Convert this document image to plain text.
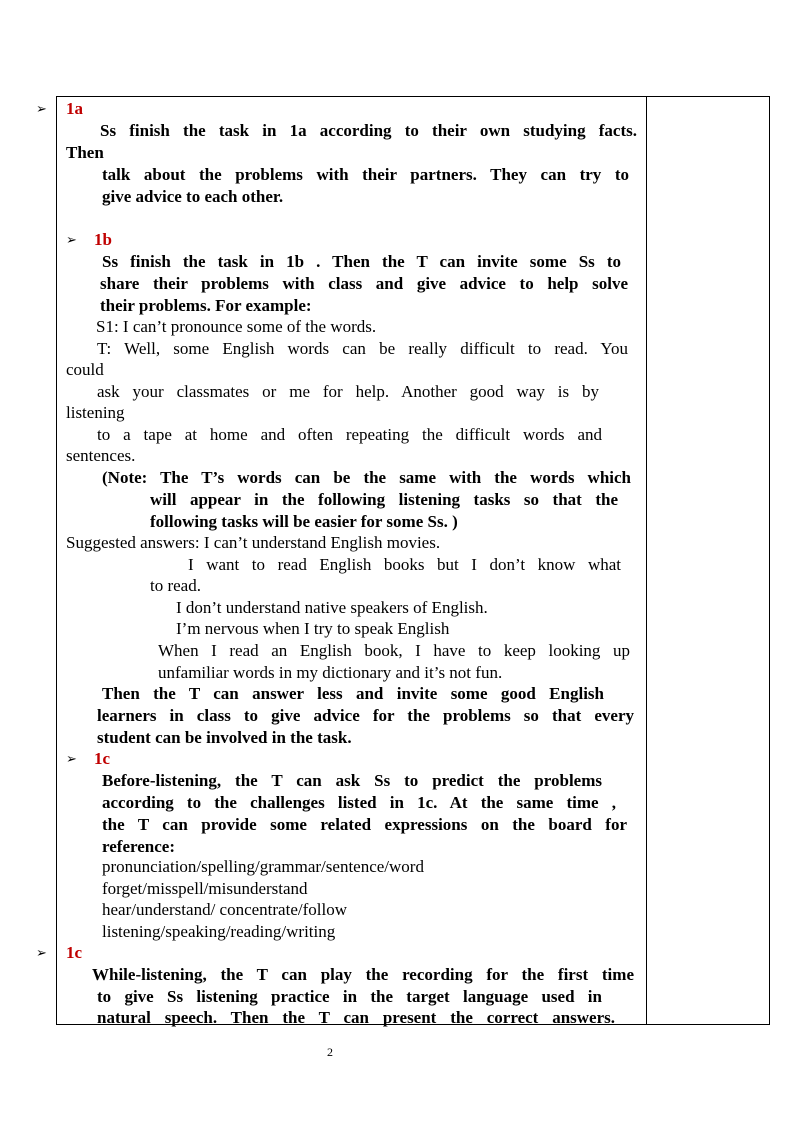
➢ 1a
Ss finish the task in 1a according to their own studying facts.
Then
talk about the problems with their partners. They can try to
give advice to each other.
➢ 1b
Ss finish the task in 1b . Then the T can invite some Ss to
share their problems with class and give advice to help solve
their problems. For example:
S1: I can’t pronounce some of the words.
T: Well, some English words can be really difficult to read. You
could
ask your classmates or me for help. Another good way is by
listening
to a tape at home and often repeating the difficult words and
sentences.
(Note: The T’s words can be the same with the words which
will appear in the following listening tasks so that the
following tasks will be easier for some Ss. )
Suggested answers: I can’t understand English movies.
I want to read English books but I don’t know what
to read.
I don’t understand native speakers of English.
I’m nervous when I try to speak English
When I read an English book, I have to keep looking up
unfamiliar words in my dictionary and it’s not fun.
Then the T can answer less and invite some good English
learners in class to give advice for the problems so that every
student can be involved in the task.
➢ 1c
Before-listening, the T can ask Ss to predict the problems
according to the challenges listed in 1c. At the same time ,
the T can provide some related expressions on the board for
reference:
pronunciation/spelling/grammar/sentence/word
forget/misspell/misunderstand
hear/understand/ concentrate/follow
listening/speaking/reading/writing
➢ 1c
While-listening, the T can play the recording for the first time
to give Ss listening practice in the target language used in
natural speech. Then the T can present the correct answers.
2
